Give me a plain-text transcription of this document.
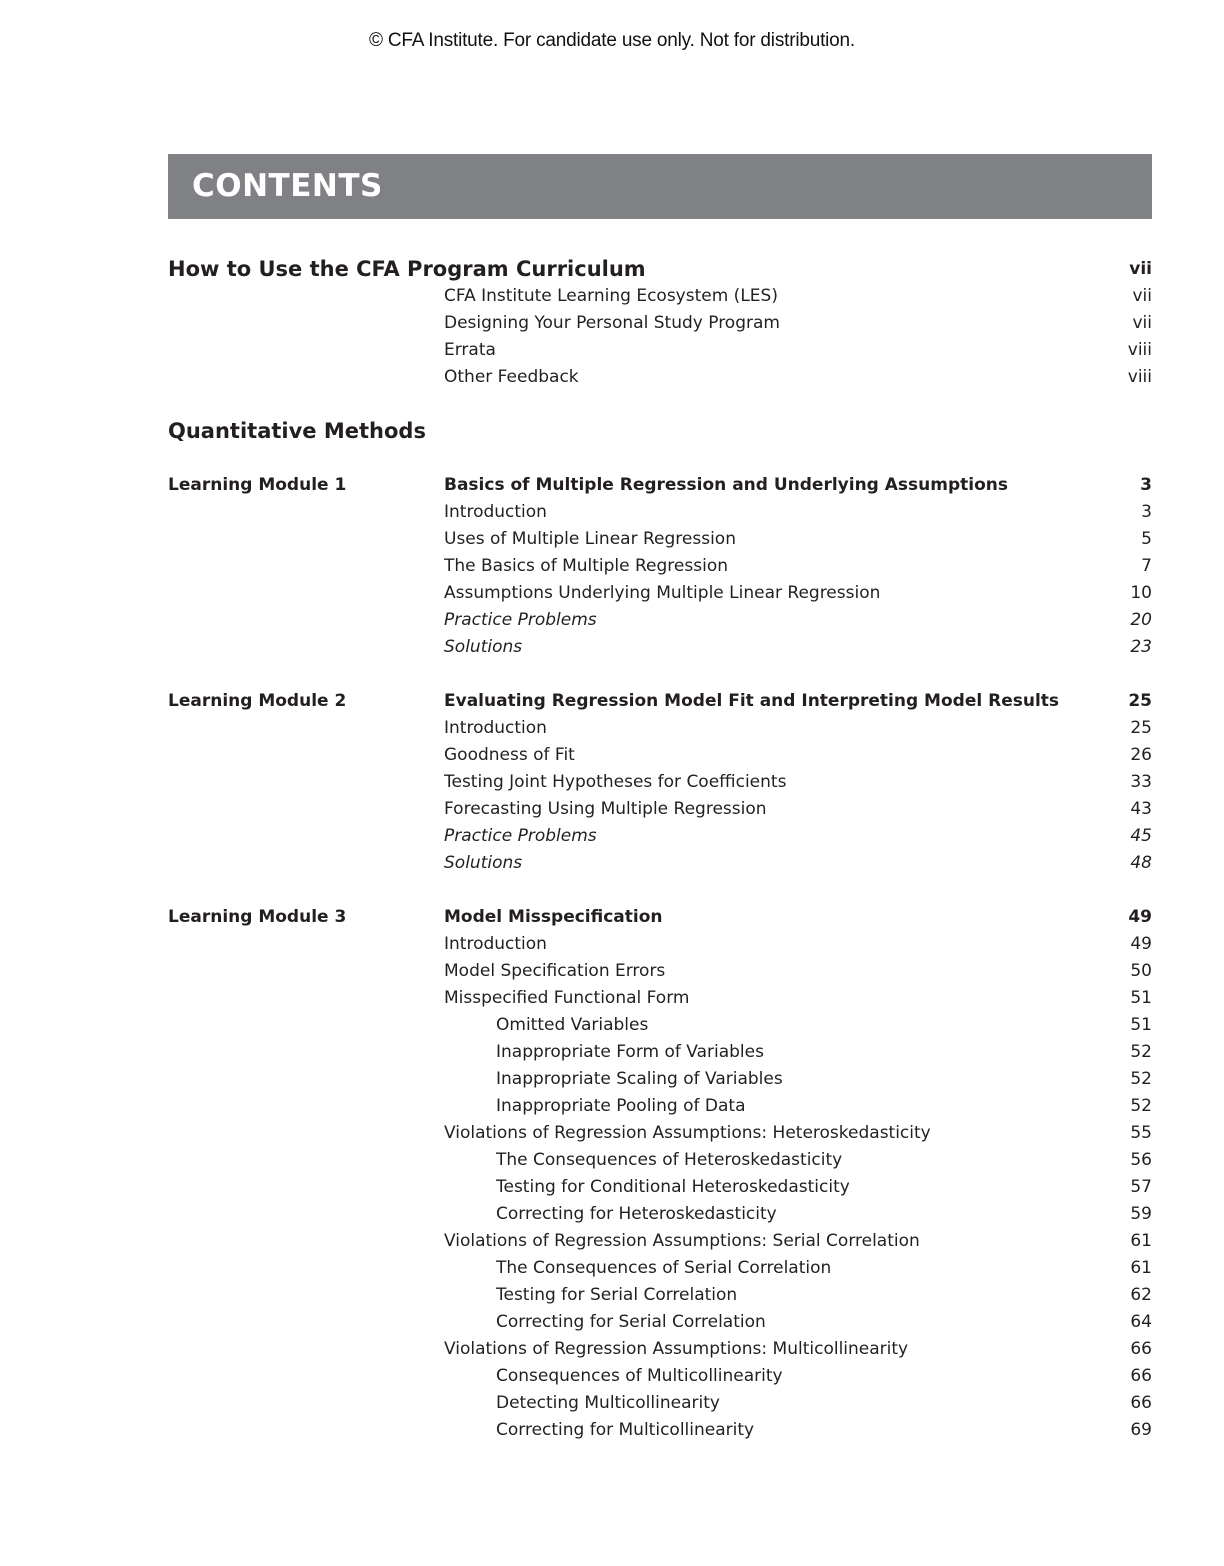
© CFA Institute. For candidate use only. Not for distribution.
CONTENTS
How to Use the CFA Program Curriculum	vii
CFA Institute Learning Ecosystem (LES)	vii
Designing Your Personal Study Program	vii
Errata	viii
Other Feedback	viii
Quantitative Methods
Learning Module 1	Basics of Multiple Regression and Underlying Assumptions	3
Introduction	3
Uses of Multiple Linear Regression	5
The Basics of Multiple Regression	7
Assumptions Underlying Multiple Linear Regression	10
Practice Problems	20
Solutions	23
Learning Module 2	Evaluating Regression Model Fit and Interpreting Model Results	25
Introduction	25
Goodness of Fit	26
Testing Joint Hypotheses for Coefficients	33
Forecasting Using Multiple Regression	43
Practice Problems	45
Solutions	48
Learning Module 3	Model Misspecification	49
Introduction	49
Model Specification Errors	50
Misspecified Functional Form	51
Omitted Variables	51
Inappropriate Form of Variables	52
Inappropriate Scaling of Variables	52
Inappropriate Pooling of Data	52
Violations of Regression Assumptions: Heteroskedasticity	55
The Consequences of Heteroskedasticity	56
Testing for Conditional Heteroskedasticity	57
Correcting for Heteroskedasticity	59
Violations of Regression Assumptions: Serial Correlation	61
The Consequences of Serial Correlation	61
Testing for Serial Correlation	62
Correcting for Serial Correlation	64
Violations of Regression Assumptions: Multicollinearity	66
Consequences of Multicollinearity	66
Detecting Multicollinearity	66
Correcting for Multicollinearity	69
